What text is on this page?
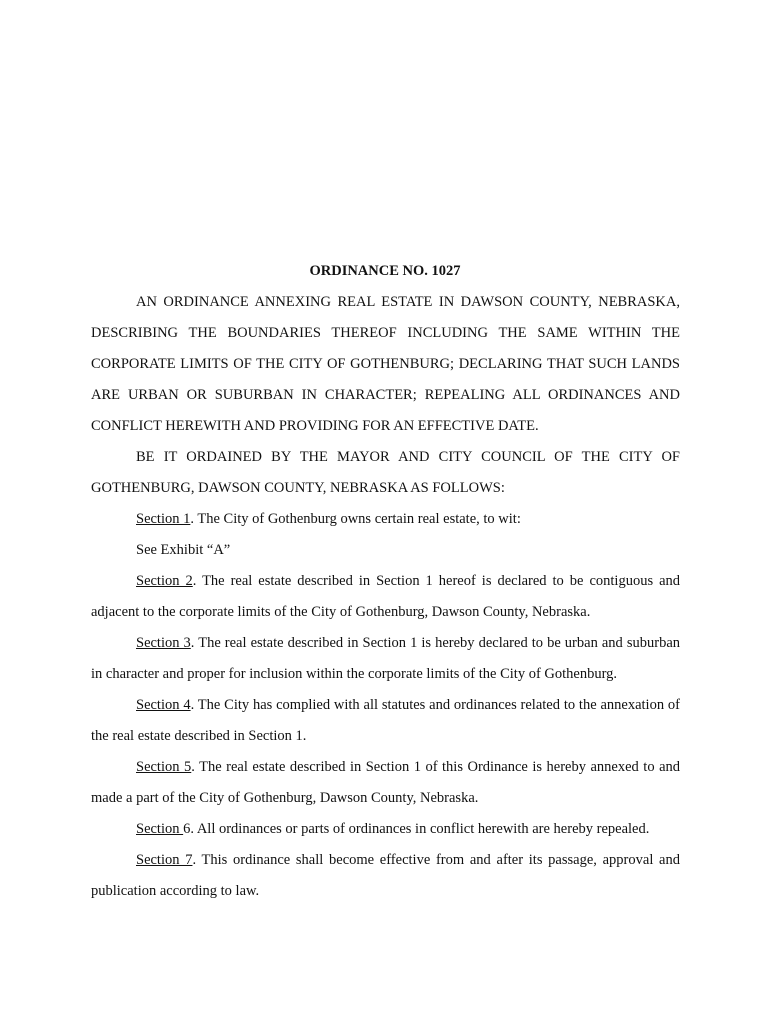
ORDINANCE NO. 1027

AN ORDINANCE ANNEXING REAL ESTATE IN DAWSON COUNTY, NEBRASKA, DESCRIBING THE BOUNDARIES THEREOF INCLUDING THE SAME WITHIN THE CORPORATE LIMITS OF THE CITY OF GOTHENBURG; DECLARING THAT SUCH LANDS ARE URBAN OR SUBURBAN IN CHARACTER; REPEALING ALL ORDINANCES AND CONFLICT HEREWITH AND PROVIDING FOR AN EFFECTIVE DATE.

BE IT ORDAINED BY THE MAYOR AND CITY COUNCIL OF THE CITY OF GOTHENBURG, DAWSON COUNTY, NEBRASKA AS FOLLOWS:

Section 1. The City of Gothenburg owns certain real estate, to wit:

See Exhibit “A”

Section 2. The real estate described in Section 1 hereof is declared to be contiguous and adjacent to the corporate limits of the City of Gothenburg, Dawson County, Nebraska.

Section 3. The real estate described in Section 1 is hereby declared to be urban and suburban in character and proper for inclusion within the corporate limits of the City of Gothenburg.

Section 4. The City has complied with all statutes and ordinances related to the annexation of the real estate described in Section 1.

Section 5. The real estate described in Section 1 of this Ordinance is hereby annexed to and made a part of the City of Gothenburg, Dawson County, Nebraska.

Section 6. All ordinances or parts of ordinances in conflict herewith are hereby repealed.

Section 7. This ordinance shall become effective from and after its passage, approval and publication according to law.
